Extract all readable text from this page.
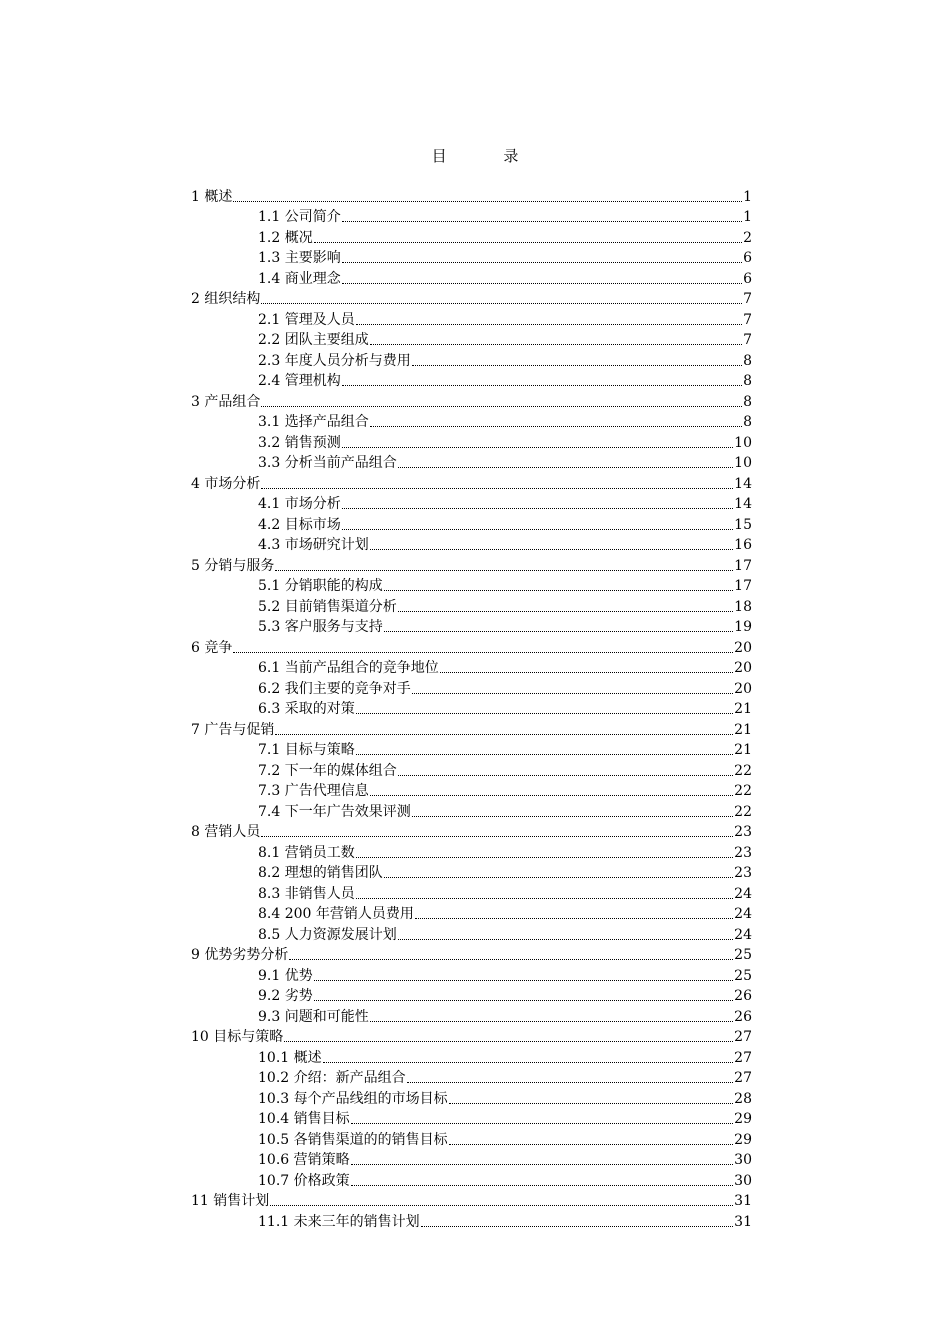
目 录
1 概述	1
1.1 公司简介	1
1.2 概况	2
1.3 主要影响	6
1.4 商业理念	6
2 组织结构	7
2.1 管理及人员	7
2.2 团队主要组成	7
2.3 年度人员分析与费用	8
2.4 管理机构	8
3 产品组合	8
3.1 选择产品组合	8
3.2 销售预测	10
3.3 分析当前产品组合	10
4 市场分析	14
4.1 市场分析	14
4.2 目标市场	15
4.3 市场研究计划	16
5 分销与服务	17
5.1 分销职能的构成	17
5.2 目前销售渠道分析	18
5.3 客户服务与支持	19
6 竞争	20
6.1 当前产品组合的竞争地位	20
6.2 我们主要的竞争对手	20
6.3 采取的对策	21
7 广告与促销	21
7.1 目标与策略	21
7.2 下一年的媒体组合	22
7.3 广告代理信息	22
7.4 下一年广告效果评测	22
8 营销人员	23
8.1 营销员工数	23
8.2 理想的销售团队	23
8.3 非销售人员	24
8.4 200 年营销人员费用	24
8.5 人力资源发展计划	24
9 优势劣势分析	25
9.1 优势	25
9.2 劣势	26
9.3 问题和可能性	26
10 目标与策略	27
10.1 概述	27
10.2 介绍：新产品组合	27
10.3 每个产品线组的市场目标	28
10.4 销售目标	29
10.5 各销售渠道的的销售目标	29
10.6 营销策略	30
10.7 价格政策	30
11 销售计划	31
11.1 未来三年的销售计划	31
